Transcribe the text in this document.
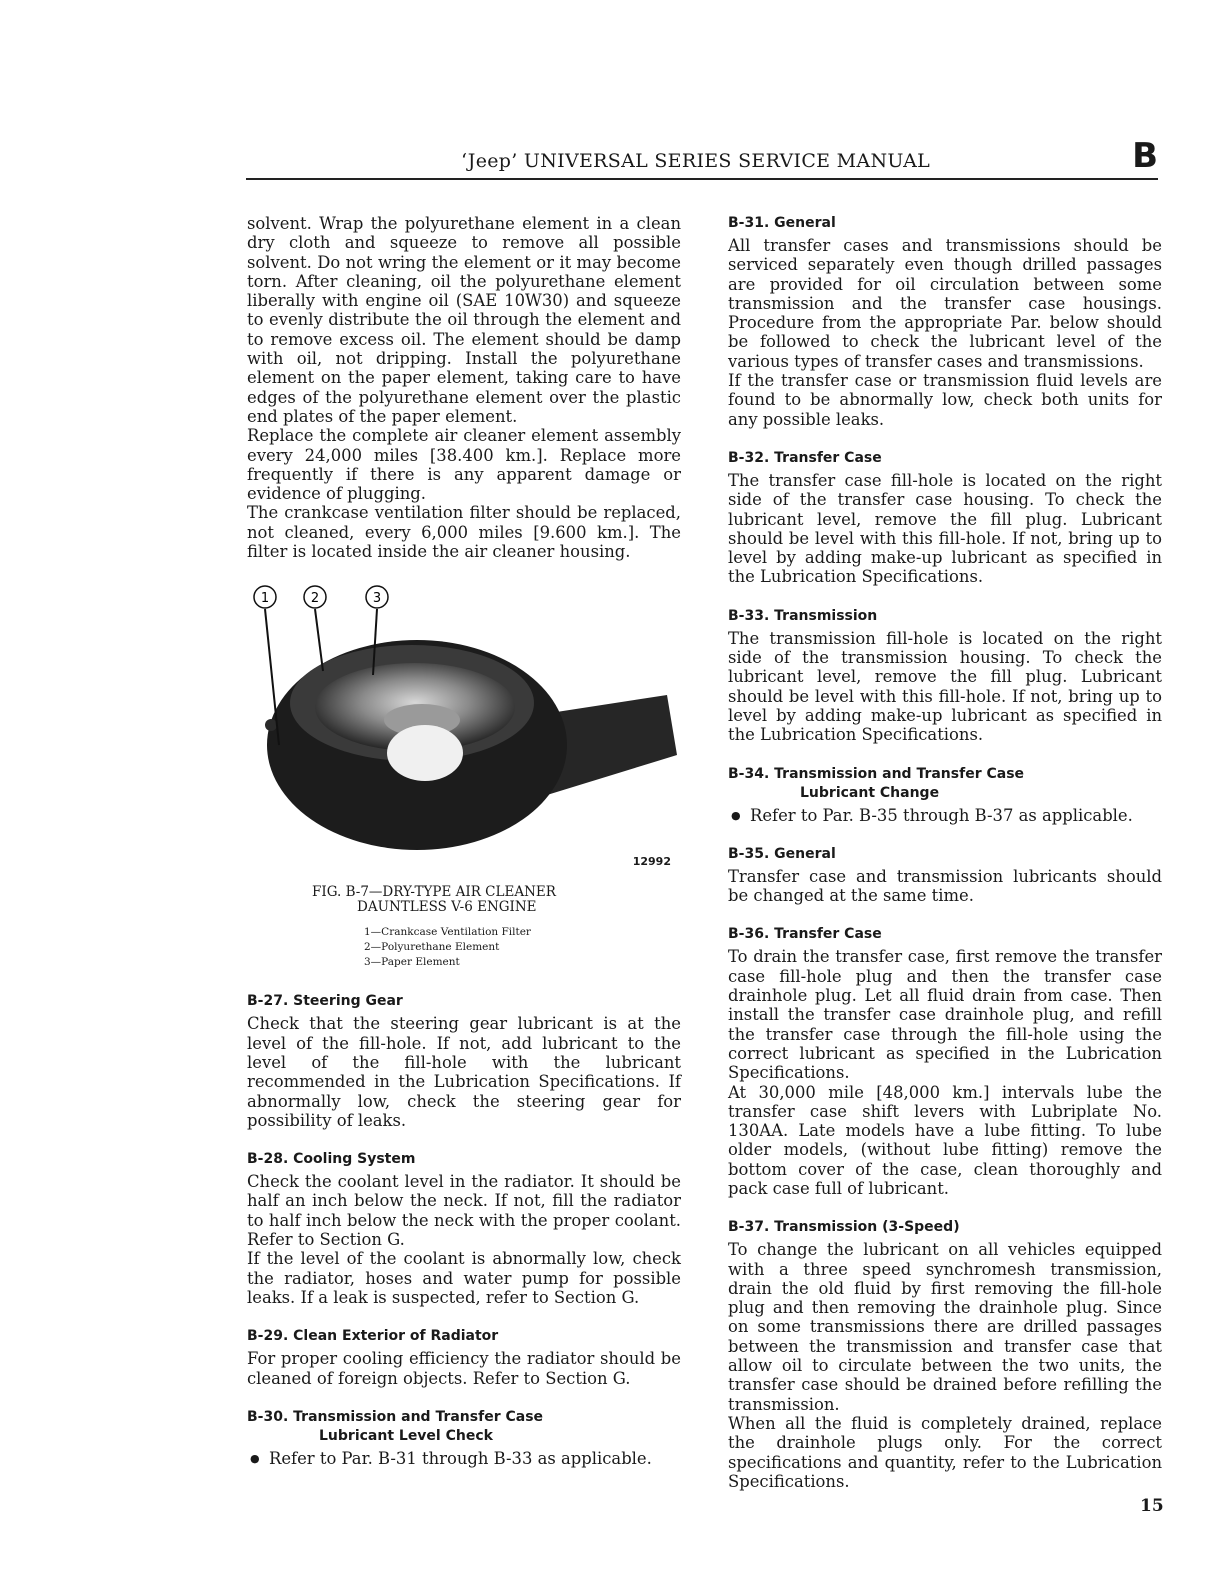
‘Jeep’ UNIVERSAL SERIES SERVICE MANUAL	B

solvent. Wrap the polyurethane element in a clean dry cloth and squeeze to remove all possible solvent. Do not wring the element or it may become torn. After cleaning, oil the polyurethane element liberally with engine oil (SAE 10W30) and squeeze to evenly distribute the oil through the element and to remove excess oil. The element should be damp with oil, not dripping. Install the polyurethane element on the paper element, taking care to have edges of the polyurethane element over the plastic end plates of the paper element.

Replace the complete air cleaner element assembly every 24,000 miles [38.400 km.]. Replace more frequently if there is any apparent damage or evidence of plugging.

The crankcase ventilation filter should be replaced, not cleaned, every 6,000 miles [9.600 km.]. The filter is located inside the air cleaner housing.

1	2	3
12992
FIG. B-7—DRY-TYPE AIR CLEANER
DAUNTLESS V-6 ENGINE
1—Crankcase Ventilation Filter
2—Polyurethane Element
3—Paper Element
B-27. Steering Gear

Check that the steering gear lubricant is at the level of the fill-hole. If not, add lubricant to the level of the fill-hole with the lubricant recommended in the Lubrication Specifications. If abnormally low, check the steering gear for possibility of leaks.

B-28. Cooling System

Check the coolant level in the radiator. It should be half an inch below the neck. If not, fill the radiator to half inch below the neck with the proper coolant. Refer to Section G.

If the level of the coolant is abnormally low, check the radiator, hoses and water pump for possible leaks. If a leak is suspected, refer to Section G.

B-29. Clean Exterior of Radiator

For proper cooling efficiency the radiator should be cleaned of foreign objects. Refer to Section G.

B-30. Transmission and Transfer Case
Lubricant Level Check

● Refer to Par. B-31 through B-33 as applicable.

B-31. General

All transfer cases and transmissions should be serviced separately even though drilled passages are provided for oil circulation between some transmission and the transfer case housings. Procedure from the appropriate Par. below should be followed to check the lubricant level of the various types of transfer cases and transmissions.

If the transfer case or transmission fluid levels are found to be abnormally low, check both units for any possible leaks.

B-32. Transfer Case

The transfer case fill-hole is located on the right side of the transfer case housing. To check the lubricant level, remove the fill plug. Lubricant should be level with this fill-hole. If not, bring up to level by adding make-up lubricant as specified in the Lubrication Specifications.

B-33. Transmission

The transmission fill-hole is located on the right side of the transmission housing. To check the lubricant level, remove the fill plug. Lubricant should be level with this fill-hole. If not, bring up to level by adding make-up lubricant as specified in the Lubrication Specifications.

B-34. Transmission and Transfer Case
Lubricant Change

● Refer to Par. B-35 through B-37 as applicable.

B-35. General

Transfer case and transmission lubricants should be changed at the same time.

B-36. Transfer Case

To drain the transfer case, first remove the transfer case fill-hole plug and then the transfer case drainhole plug. Let all fluid drain from case. Then install the transfer case drainhole plug, and refill the transfer case through the fill-hole using the correct lubricant as specified in the Lubrication Specifications.

At 30,000 mile [48,000 km.] intervals lube the transfer case shift levers with Lubriplate No. 130AA. Late models have a lube fitting. To lube older models, (without lube fitting) remove the bottom cover of the case, clean thoroughly and pack case full of lubricant.

B-37. Transmission (3-Speed)

To change the lubricant on all vehicles equipped with a three speed synchromesh transmission, drain the old fluid by first removing the fill-hole plug and then removing the drainhole plug. Since on some transmissions there are drilled passages between the transmission and transfer case that allow oil to circulate between the two units, the transfer case should be drained before refilling the transmission.

When all the fluid is completely drained, replace the drainhole plugs only. For the correct specifications and quantity, refer to the Lubrication Specifications.

15
